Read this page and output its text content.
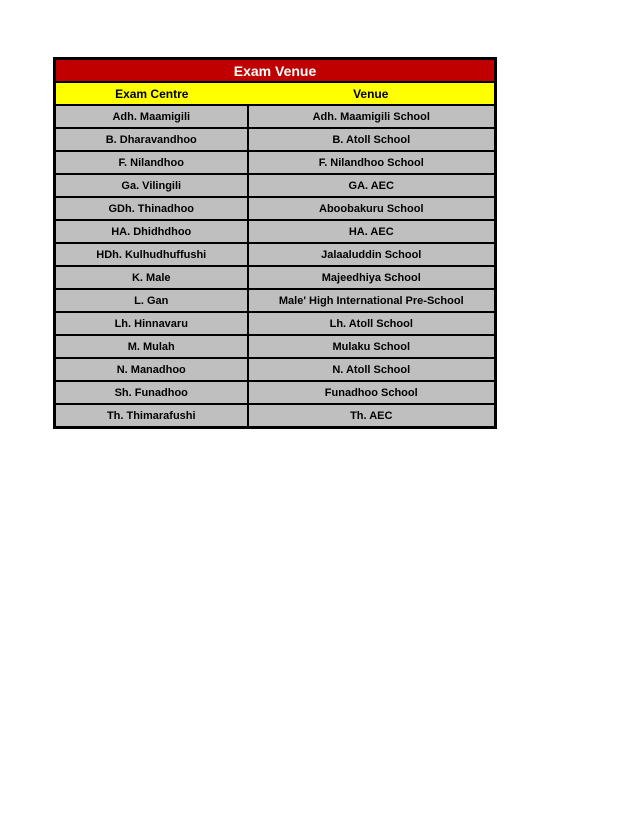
Exam Venue	
Exam Centre	Venue
Adh. Maamigili	Adh. Maamigili School
B. Dharavandhoo	B. Atoll School
F. Nilandhoo	F. Nilandhoo School
Ga. Vilingili	GA. AEC
GDh. Thinadhoo	Aboobakuru School
HA. Dhidhdhoo	HA. AEC
HDh. Kulhudhuffushi	Jalaaluddin School
K. Male	Majeedhiya School
L. Gan	Male' High International Pre-School
Lh. Hinnavaru	Lh. Atoll School
M. Mulah	Mulaku School
N. Manadhoo	N. Atoll School
Sh. Funadhoo	Funadhoo School
Th. Thimarafushi	Th. AEC
